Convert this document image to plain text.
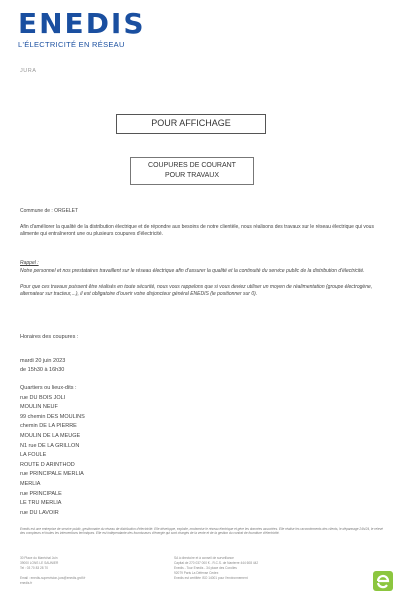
ENEDIS
L'ÉLECTRICITÉ EN RÉSEAU
JURA
POUR AFFICHAGE
COUPURES DE COURANT
POUR TRAVAUX
Commune de : ORGELET
Afin d'améliorer la qualité de la distribution électrique et de répondre aux besoins de notre clientèle, nous réalisons des travaux sur le réseau électrique qui vous alimente qui entraîneront une ou plusieurs coupures d'électricité.
Rappel :
Notre personnel et nos prestataires travaillent sur le réseau électrique afin d'assurer la qualité et la continuité du service public de la distribution d'électricité.
Pour que ces travaux puissent être réalisés en toute sécurité, nous vous rappelons que si vous deviez utiliser un moyen de réalimentation (groupe électrogène, alternateur sur tracteur,...), il est obligatoire d'ouvrir votre disjoncteur général ENEDIS (le positionner sur 0).
Horaires des coupures :
mardi 20 juin 2023
de 15h30 à 16h30
Quartiers ou lieux-dits :
rue DU BOIS JOLI
MOULIN NEUF
99 chemin DES MOULINS
chemin DE LA PIERRE
MOULIN DE LA MEUGE
N1 rue DE LA GRILLON
LA FOULE
ROUTE D ARINTHOD
rue PRINCIPALE MERLIA
MERLIA
rue PRINCIPALE
LE TRU MERLIA
rue DU LAVOIR
Enedis est une entreprise de service public, gestionnaire du réseau de distribution d'électricité. Elle développe, exploite, modernise le réseau électrique et gère les données associées. Elle réalise les raccordements des clients, le dépannage 24h/24, le relevé des compteurs et toutes les interventions techniques. Elle est indépendante des fournisseurs d'énergie qui sont chargés de la vente et de la gestion du contrat de fourniture d'électricité.
30 Place du Maréchal Juin
39000 LONS LE SAUNIER
Tel : 03 70 83 28 70
Email : enedis-supervision-jura@enedis.grdf.fr
enedis.fr
SA à directoire et à conseil de surveillance
Capital de 270 037 000 € - R.C.S. de Nanterre 444 608 442
Enedis - Tour Enedis - 34 place des Corolles
92079 Paris La Défense Cedex
Enedis est certifiée ISO 14001 pour l'environnement
